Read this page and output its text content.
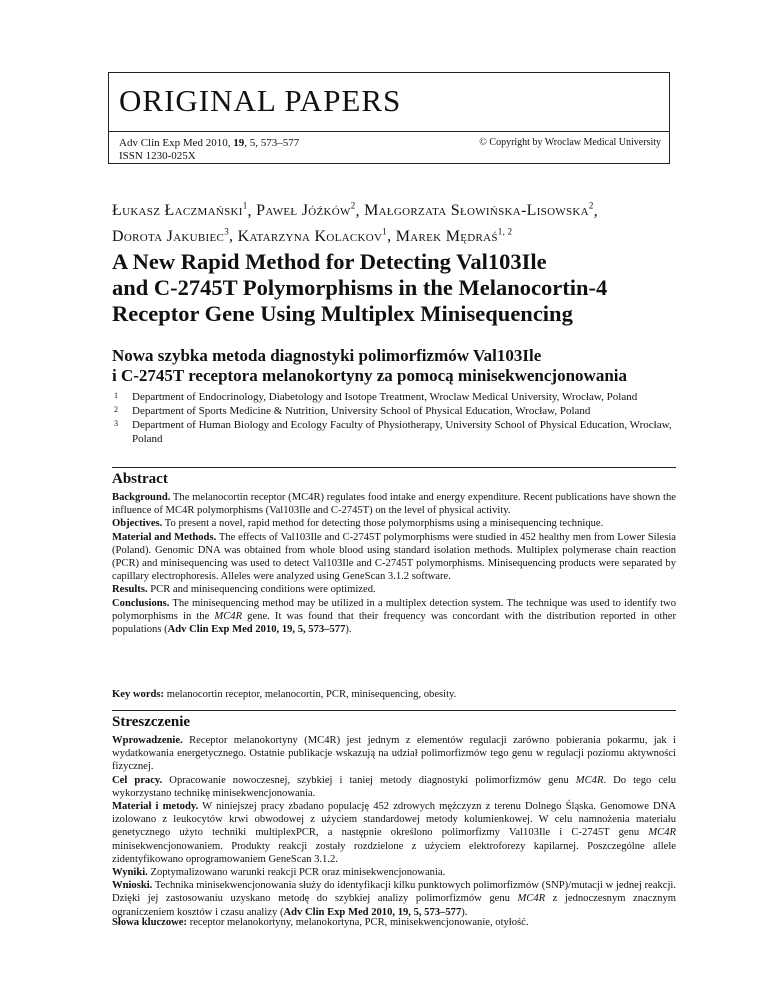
ORIGINAL PAPERS
Adv Clin Exp Med 2010, 19, 5, 573–577
ISSN 1230-025X
© Copyright by Wroclaw Medical University
Łukasz Łaczmański$^1$, Paweł Jóźków$^2$, Małgorzata Słowińska-Lisowska$^2$,
Dorota Jakubiec$^3$, Katarzyna Kolackov$^1$, Marek Mędraś$^{1, 2}$
A New Rapid Method for Detecting Val103Ile
and C-2745T Polymorphisms in the Melanocortin-4
Receptor Gene Using Multiplex Minisequencing
Nowa szybka metoda diagnostyki polimorfizmów Val103Ile
i C-2745T receptora melanokortyny za pomocą minisekwencjonowania
1 Department of Endocrinology, Diabetology and Isotope Treatment, Wroclaw Medical University, Wrocław, Poland
2 Department of Sports Medicine & Nutrition, University School of Physical Education, Wrocław, Poland
3 Department of Human Biology and Ecology Faculty of Physiotherapy, University School of Physical Education, Wrocław, Poland
Abstract

Background. The melanocortin receptor (MC4R) regulates food intake and energy expenditure. Recent publications have shown the influence of MC4R polymorphisms (Val103Ile and C-2745T) on the level of physical activity.

Objectives. To present a novel, rapid method for detecting those polymorphisms using a minisequencing technique.

Material and Methods. The effects of Val103Ile and C-2745T polymorphisms were studied in 452 healthy men from Lower Silesia (Poland). Genomic DNA was obtained from whole blood using standard isolation methods. Multiplex polymerase chain reaction (PCR) and minisequencing was used to detect Val103Ile and C-2745T polymorphisms. Minisequencing products were separated by capillary electrophoresis. Alleles were analyzed using GeneScan 3.1.2 software.

Results. PCR and minisequencing conditions were optimized.

Conclusions. The minisequencing method may be utilized in a multiplex detection system. The technique was used to identify two polymorphisms in the MC4R gene. It was found that their frequency was concordant with the distribution reported in other populations (Adv Clin Exp Med 2010, 19, 5, 573–577).

Key words: melanocortin receptor, melanocortin, PCR, minisequencing, obesity.
Streszczenie

Wprowadzenie. Receptor melanokortyny (MC4R) jest jednym z elementów regulacji zarówno pobierania pokarmu, jak i wydatkowania energetycznego. Ostatnie publikacje wskazują na udział polimorfizmów tego genu w regulacji poziomu aktywności fizycznej.

Cel pracy. Opracowanie nowoczesnej, szybkiej i taniej metody diagnostyki polimorfizmów genu MC4R. Do tego celu wykorzystano technikę minisekwencjonowania.

Materiał i metody. W niniejszej pracy zbadano populację 452 zdrowych mężczyzn z terenu Dolnego Śląska. Genomowe DNA izolowano z leukocytów krwi obwodowej z użyciem standardowej metody kolumienkowej. W celu namnożenia materiału genetycznego użyto techniki multiplexPCR, a następnie określono polimorfizmy Val103Ile i C-2745T genu MC4R minisekwencjonowaniem. Produkty reakcji zostały rozdzielone z użyciem elektroforezy kapilarnej. Poszczególne allele zidentyfikowano oprogramowaniem GeneScan 3.1.2.

Wyniki. Zoptymalizowano warunki reakcji PCR oraz minisekwencjonowania.

Wnioski. Technika minisekwencjonowania służy do identyfikacji kilku punktowych polimorfizmów (SNP)/mutacji w jednej reakcji. Dzięki jej zastosowaniu uzyskano metodę do szybkiej analizy polimorfizmów genu MC4R z jednoczesnym znacznym ograniczeniem kosztów i czasu analizy (Adv Clin Exp Med 2010, 19, 5, 573–577).

Słowa kluczowe: receptor melanokortyny, melanokortyna, PCR, minisekwencjonowanie, otyłość.
